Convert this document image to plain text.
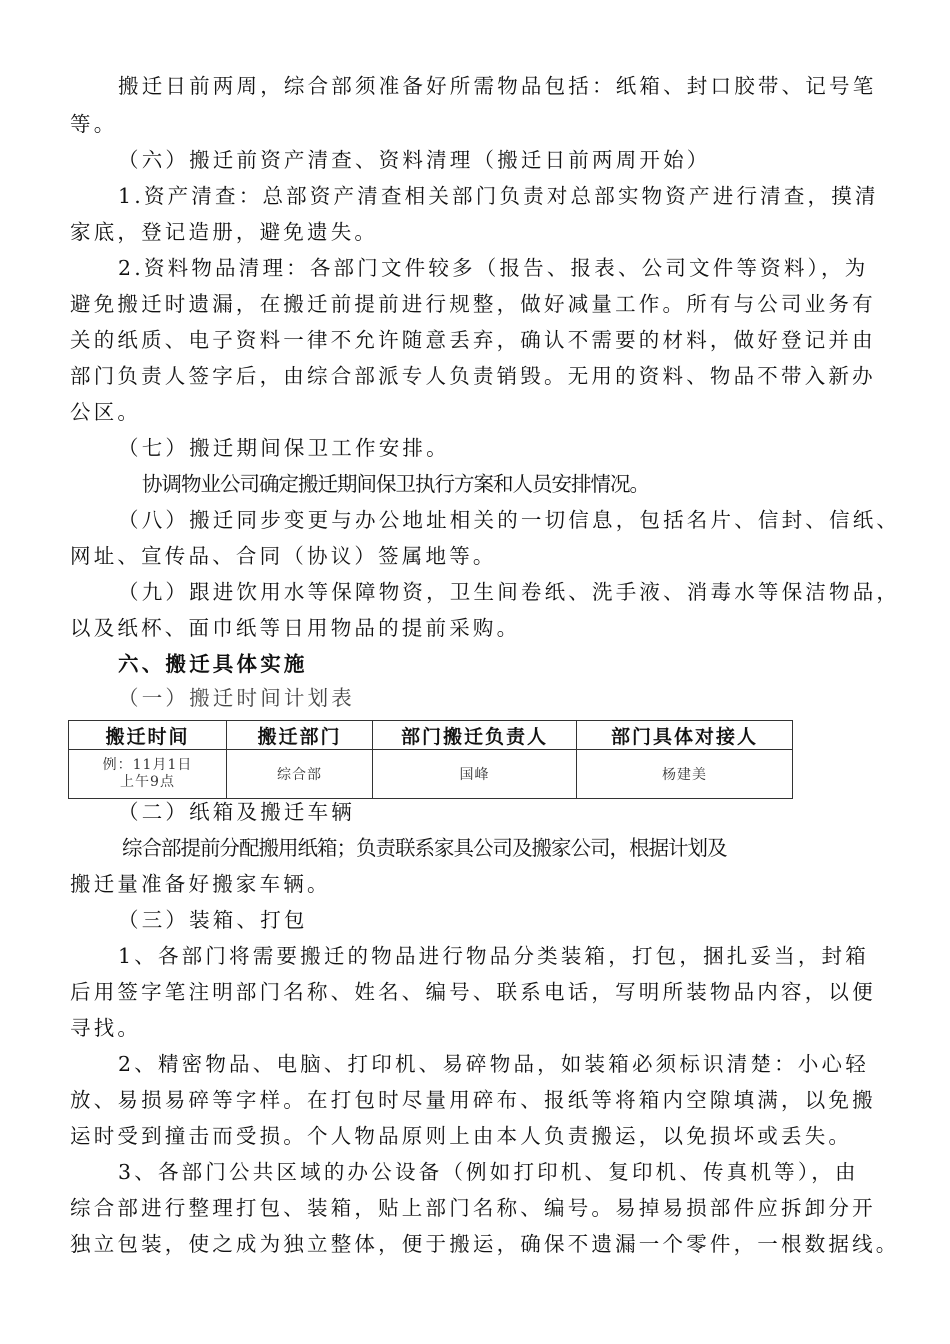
搬迁日前两周，综合部须准备好所需物品包括：纸箱、封口胶带、记号笔
等。
（六）搬迁前资产清查、资料清理（搬迁日前两周开始）
1.资产清查：总部资产清查相关部门负责对总部实物资产进行清查，摸清
家底，登记造册，避免遗失。
2.资料物品清理：各部门文件较多（报告、报表、公司文件等资料），为
避免搬迁时遗漏，在搬迁前提前进行规整，做好减量工作。所有与公司业务有
关的纸质、电子资料一律不允许随意丢弃，确认不需要的材料，做好登记并由
部门负责人签字后，由综合部派专人负责销毁。无用的资料、物品不带入新办
公区。
（七）搬迁期间保卫工作安排。
协调物业公司确定搬迁期间保卫执行方案和人员安排情况。
（八）搬迁同步变更与办公地址相关的一切信息，包括名片、信封、信纸、
网址、宣传品、合同（协议）签属地等。
（九）跟进饮用水等保障物资，卫生间卷纸、洗手液、消毒水等保洁物品，
以及纸杯、面巾纸等日用物品的提前采购。
六、搬迁具体实施
（一）搬迁时间计划表
搬迁时间	搬迁部门	部门搬迁负责人	部门具体对接人

例：11月1日
上午9点	综合部	国峰	杨建美
（二）纸箱及搬迁车辆
综合部提前分配搬用纸箱；负责联系家具公司及搬家公司，根据计划及
搬迁量准备好搬家车辆。
（三）装箱、打包
1、各部门将需要搬迁的物品进行物品分类装箱，打包，捆扎妥当，封箱
后用签字笔注明部门名称、姓名、编号、联系电话，写明所装物品内容，以便
寻找。
2、精密物品、电脑、打印机、易碎物品，如装箱必须标识清楚：小心轻
放、易损易碎等字样。在打包时尽量用碎布、报纸等将箱内空隙填满，以免搬
运时受到撞击而受损。个人物品原则上由本人负责搬运，以免损坏或丢失。
3、各部门公共区域的办公设备（例如打印机、复印机、传真机等），由
综合部进行整理打包、装箱，贴上部门名称、编号。易掉易损部件应拆卸分开
独立包装，使之成为独立整体，便于搬运，确保不遗漏一个零件，一根数据线。
